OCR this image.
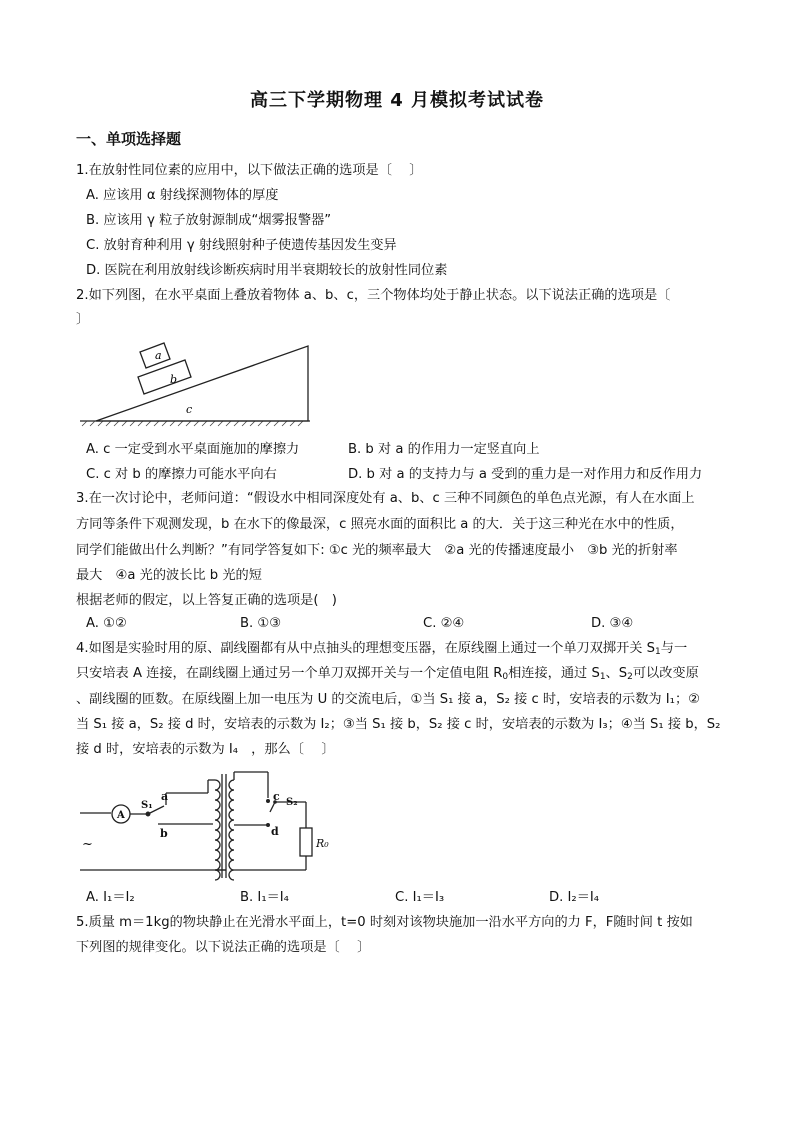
高三下学期物理 4 月模拟考试试卷
一、单项选择题
1.在放射性同位素的应用中，以下做法正确的选项是〔　 〕
A. 应该用 α 射线探测物体的厚度
B. 应该用 γ 粒子放射源制成“烟雾报警器”
C. 放射育种利用 γ 射线照射种子使遗传基因发生变异
D. 医院在利用放射线诊断疾病时用半衰期较长的放射性同位素
2.如下列图，在水平桌面上叠放着物体 a、b、c，三个物体均处于静止状态。以下说法正确的选项是〔
〕
a
b
c
A. c 一定受到水平桌面施加的摩擦力	B. b 对 a 的作用力一定竖直向上
C. c 对 b 的摩擦力可能水平向右	D. b 对 a 的支持力与 a 受到的重力是一对作用力和反作用力
3.在一次讨论中，老师问道：“假设水中相同深度处有 a、b、c 三种不同颜色的单色点光源，有人在水面上
方同等条件下观测发现，b 在水下的像最深，c 照亮水面的面积比 a 的大．关于这三种光在水中的性质，
同学们能做出什么判断？”有同学答复如下: ①c 光的频率最大　②a 光的传播速度最小　③b 光的折射率
最大　④a 光的波长比 b 光的短
根据老师的假定，以上答复正确的选项是(　)
A. ①②	B. ①③	C. ②④	D. ③④
4.如图是实验时用的原、副线圈都有从中点抽头的理想变压器，在原线圈上通过一个单刀双掷开关 $S_1$与一
只安培表 A 连接，在副线圈上通过另一个单刀双掷开关与一个定值电阻 $R_0$相连接，通过 $S_1$、$S_2$可以改变原
、副线圈的匝数。在原线圈上加一电压为 U 的交流电后，①当 S₁ 接 a，S₂ 接 c 时，安培表的示数为 I₁；②
当 S₁ 接 a，S₂ 接 d 时，安培表的示数为 I₂；③当 S₁ 接 b，S₂ 接 c 时，安培表的示数为 I₃；④当 S₁ 接 b，S₂
接 d 时，安培表的示数为 I₄　，那么〔　 〕
A
S₁
a
b
c S₂
d
R₀
~
A. I₁＝I₂	B. I₁＝I₄	C. I₁＝I₃	D. I₂＝I₄
5.质量 m＝1kg的物块静止在光滑水平面上，t=0 时刻对该物块施加一沿水平方向的力 F，F随时间 t 按如
下列图的规律变化。以下说法正确的选项是〔　 〕
